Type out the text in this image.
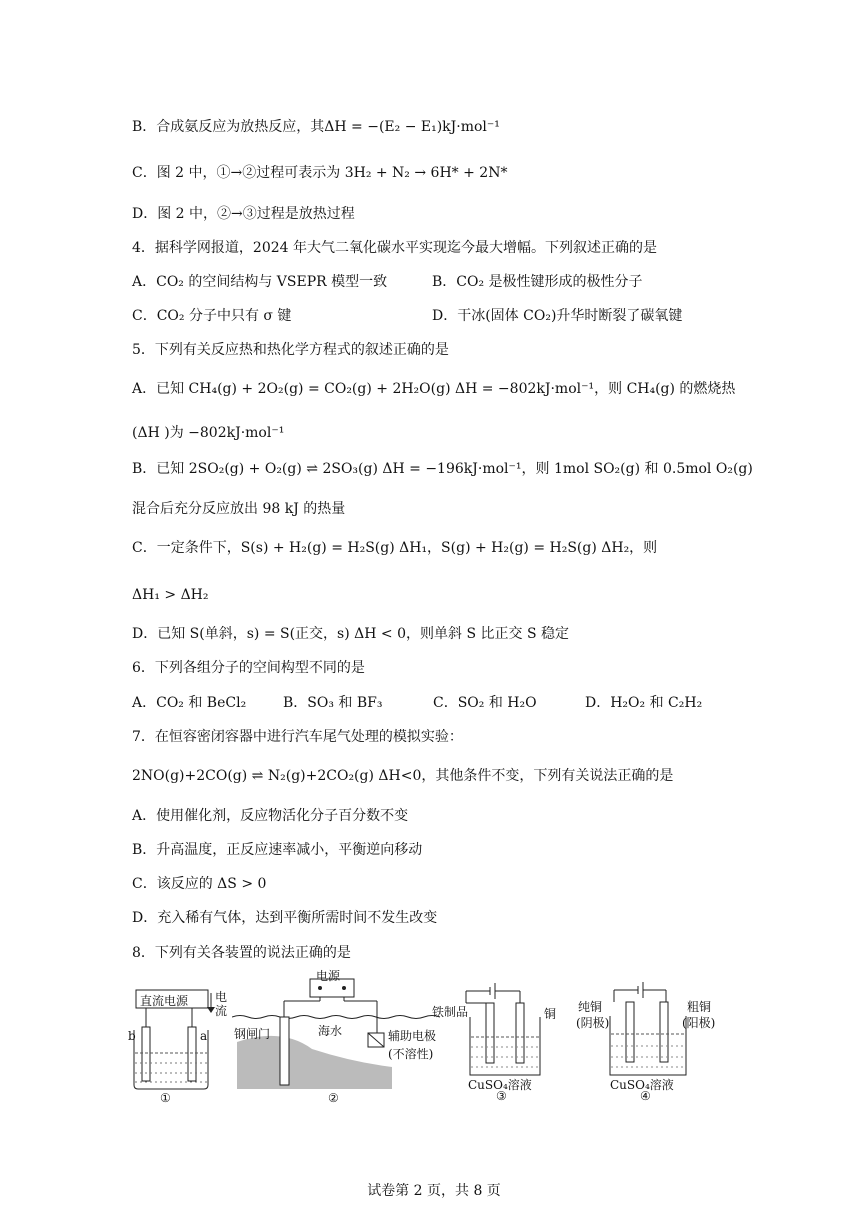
B．合成氨反应为放热反应，其ΔH = −(E₂ − E₁)kJ·mol⁻¹
C．图 2 中，①→②过程可表示为 3H₂ + N₂ → 6H* + 2N*
D．图 2 中，②→③过程是放热过程
4．据科学网报道，2024 年大气二氧化碳水平实现迄今最大增幅。下列叙述正确的是
A．CO₂ 的空间结构与 VSEPR 模型一致	B．CO₂ 是极性键形成的极性分子
C．CO₂ 分子中只有 σ 键	D．干冰(固体 CO₂)升华时断裂了碳氧键
5．下列有关反应热和热化学方程式的叙述正确的是
A．已知 CH₄(g) + 2O₂(g) = CO₂(g) + 2H₂O(g) ΔH = −802kJ·mol⁻¹，则 CH₄(g) 的燃烧热
(ΔH )为 −802kJ·mol⁻¹
B．已知 2SO₂(g) + O₂(g) ⇌ 2SO₃(g) ΔH = −196kJ·mol⁻¹，则 1mol SO₂(g) 和 0.5mol O₂(g)
混合后充分反应放出 98 kJ 的热量
C．一定条件下，S(s) + H₂(g) = H₂S(g) ΔH₁，S(g) + H₂(g) = H₂S(g) ΔH₂，则
ΔH₁ > ΔH₂
D．已知 S(单斜，s) = S(正交，s) ΔH < 0，则单斜 S 比正交 S 稳定
6．下列各组分子的空间构型不同的是
A．CO₂ 和 BeCl₂	B．SO₃ 和 BF₃	C．SO₂ 和 H₂O	D．H₂O₂ 和 C₂H₂
7．在恒容密闭容器中进行汽车尾气处理的模拟实验：
2NO(g)+2CO(g) ⇌ N₂(g)+2CO₂(g) ΔH<0，其他条件不变，下列有关说法正确的是
A．使用催化剂，反应物活化分子百分数不变
B．升高温度，正反应速率减小，平衡逆向移动
C．该反应的 ΔS > 0
D．充入稀有气体，达到平衡所需时间不发生改变
8．下列有关各装置的说法正确的是
直流电源 电
流
b	a
①
电源
钢闸门	海水	辅助电极
(不溶性)
②
铁制品	铜
CuSO₄溶液
③
纯铜
(阴极)
粗铜
(阳极)
CuSO₄溶液
④
试卷第 2 页，共 8 页
